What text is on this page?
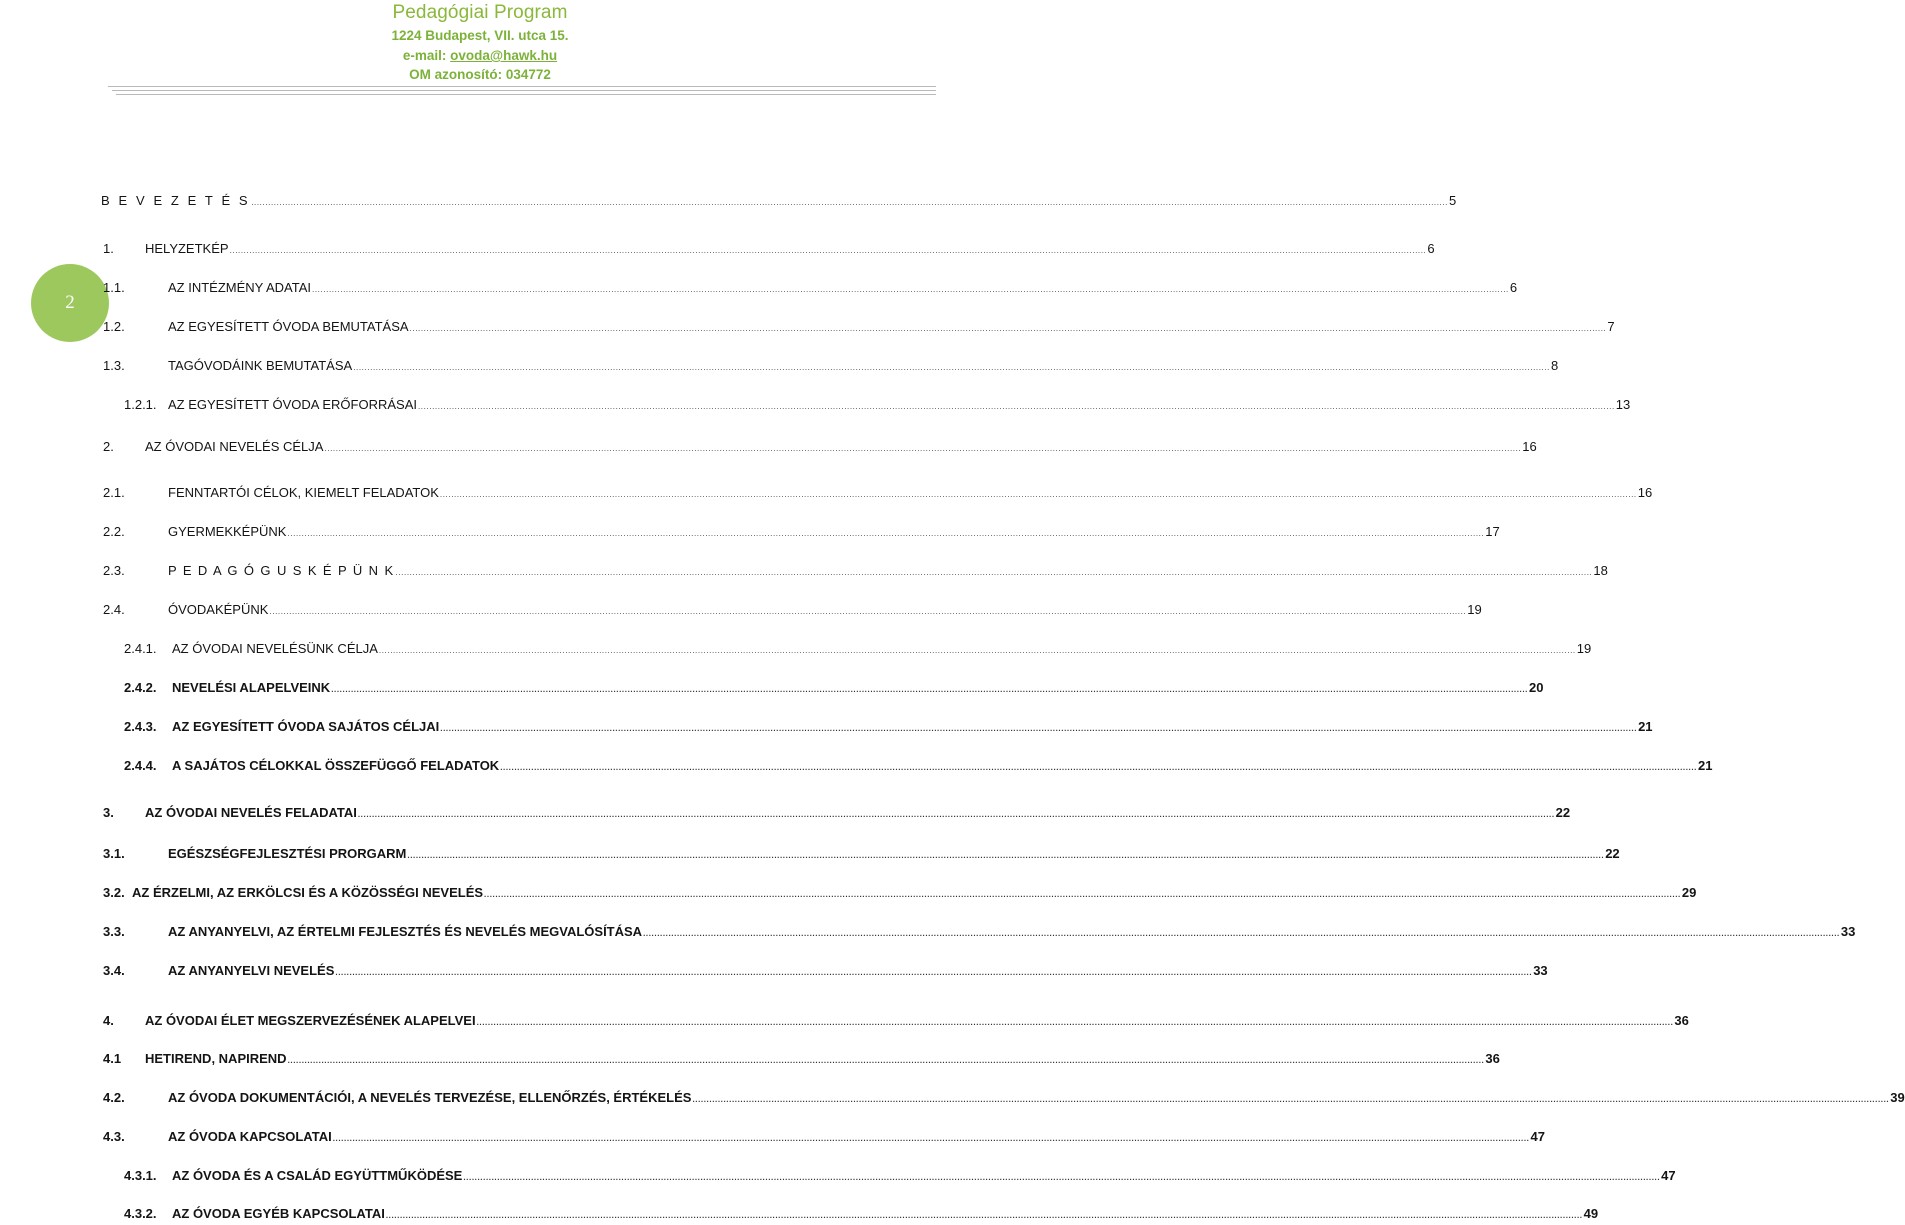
Pedagógiai Program
1224 Budapest, VII. utca 15.
e-mail: ovoda@hawk.hu
OM azonosító: 034772
2
B E V E Z E T É S .....	5
1.	HELYZETKÉP .....	6
1.1.	AZ INTÉZMÉNY ADATAI .....	6
1.2.	AZ EGYESÍTETT ÓVODA BEMUTATÁSA .....	7
1.3.	TAGÓVODÁINK BEMUTATÁSA .....	8
1.2.1. AZ EGYESÍTETT ÓVODA ERŐFORRÁSAI .....	13
2.	AZ ÓVODAI NEVELÉS CÉLJA .....	16
2.1.	FENNTARTÓI CÉLOK, KIEMELT FELADATOK .....	16
2.2.	GYERMEKKÉPÜNK .....	17
2.3.	P E D A G Ó G U S K É P Ü N K .....	18
2.4.	ÓVODAKÉPÜNK .....	19
2.4.1.	AZ ÓVODAI NEVELÉSÜNK CÉLJA .....	19
2.4.2.	NEVELÉSI ALAPELVEINK .....	20
2.4.3.	AZ EGYESÍTETT ÓVODA SAJÁTOS CÉLJAI .....	21
2.4.4.	A SAJÁTOS CÉLOKKAL ÖSSZEFÜGGŐ FELADATOK .....	21
3.	AZ ÓVODAI NEVELÉS FELADATAI .....	22
3.1.	EGÉSZSÉGFEJLESZTÉSI PRORGARM .....	22
3.2. AZ ÉRZELMI, AZ ERKÖLCSI ÉS A KÖZÖSSÉGI NEVELÉS .....	29
3.3.	AZ ANYANYELVI, AZ ÉRTELMI FEJLESZTÉS ÉS NEVELÉS MEGVALÓSÍTÁSA .....	33
3.4.	AZ ANYANYELVI NEVELÉS .....	33
4.	AZ ÓVODAI ÉLET MEGSZERVEZÉSÉNEK ALAPELVEI .....	36
4.1	HETIREND, NAPIREND .....	36
4.2.	AZ ÓVODA DOKUMENTÁCIÓI, A NEVELÉS TERVEZÉSE, ELLENŐRZÉS, ÉRTÉKELÉS .....	39
4.3.	AZ ÓVODA KAPCSOLATAI .....	47
4.3.1.	AZ ÓVODA ÉS A CSALÁD EGYÜTTMŰKÖDÉSE .....	47
4.3.2.	AZ ÓVODA EGYÉB KAPCSOLATAI .....	49
